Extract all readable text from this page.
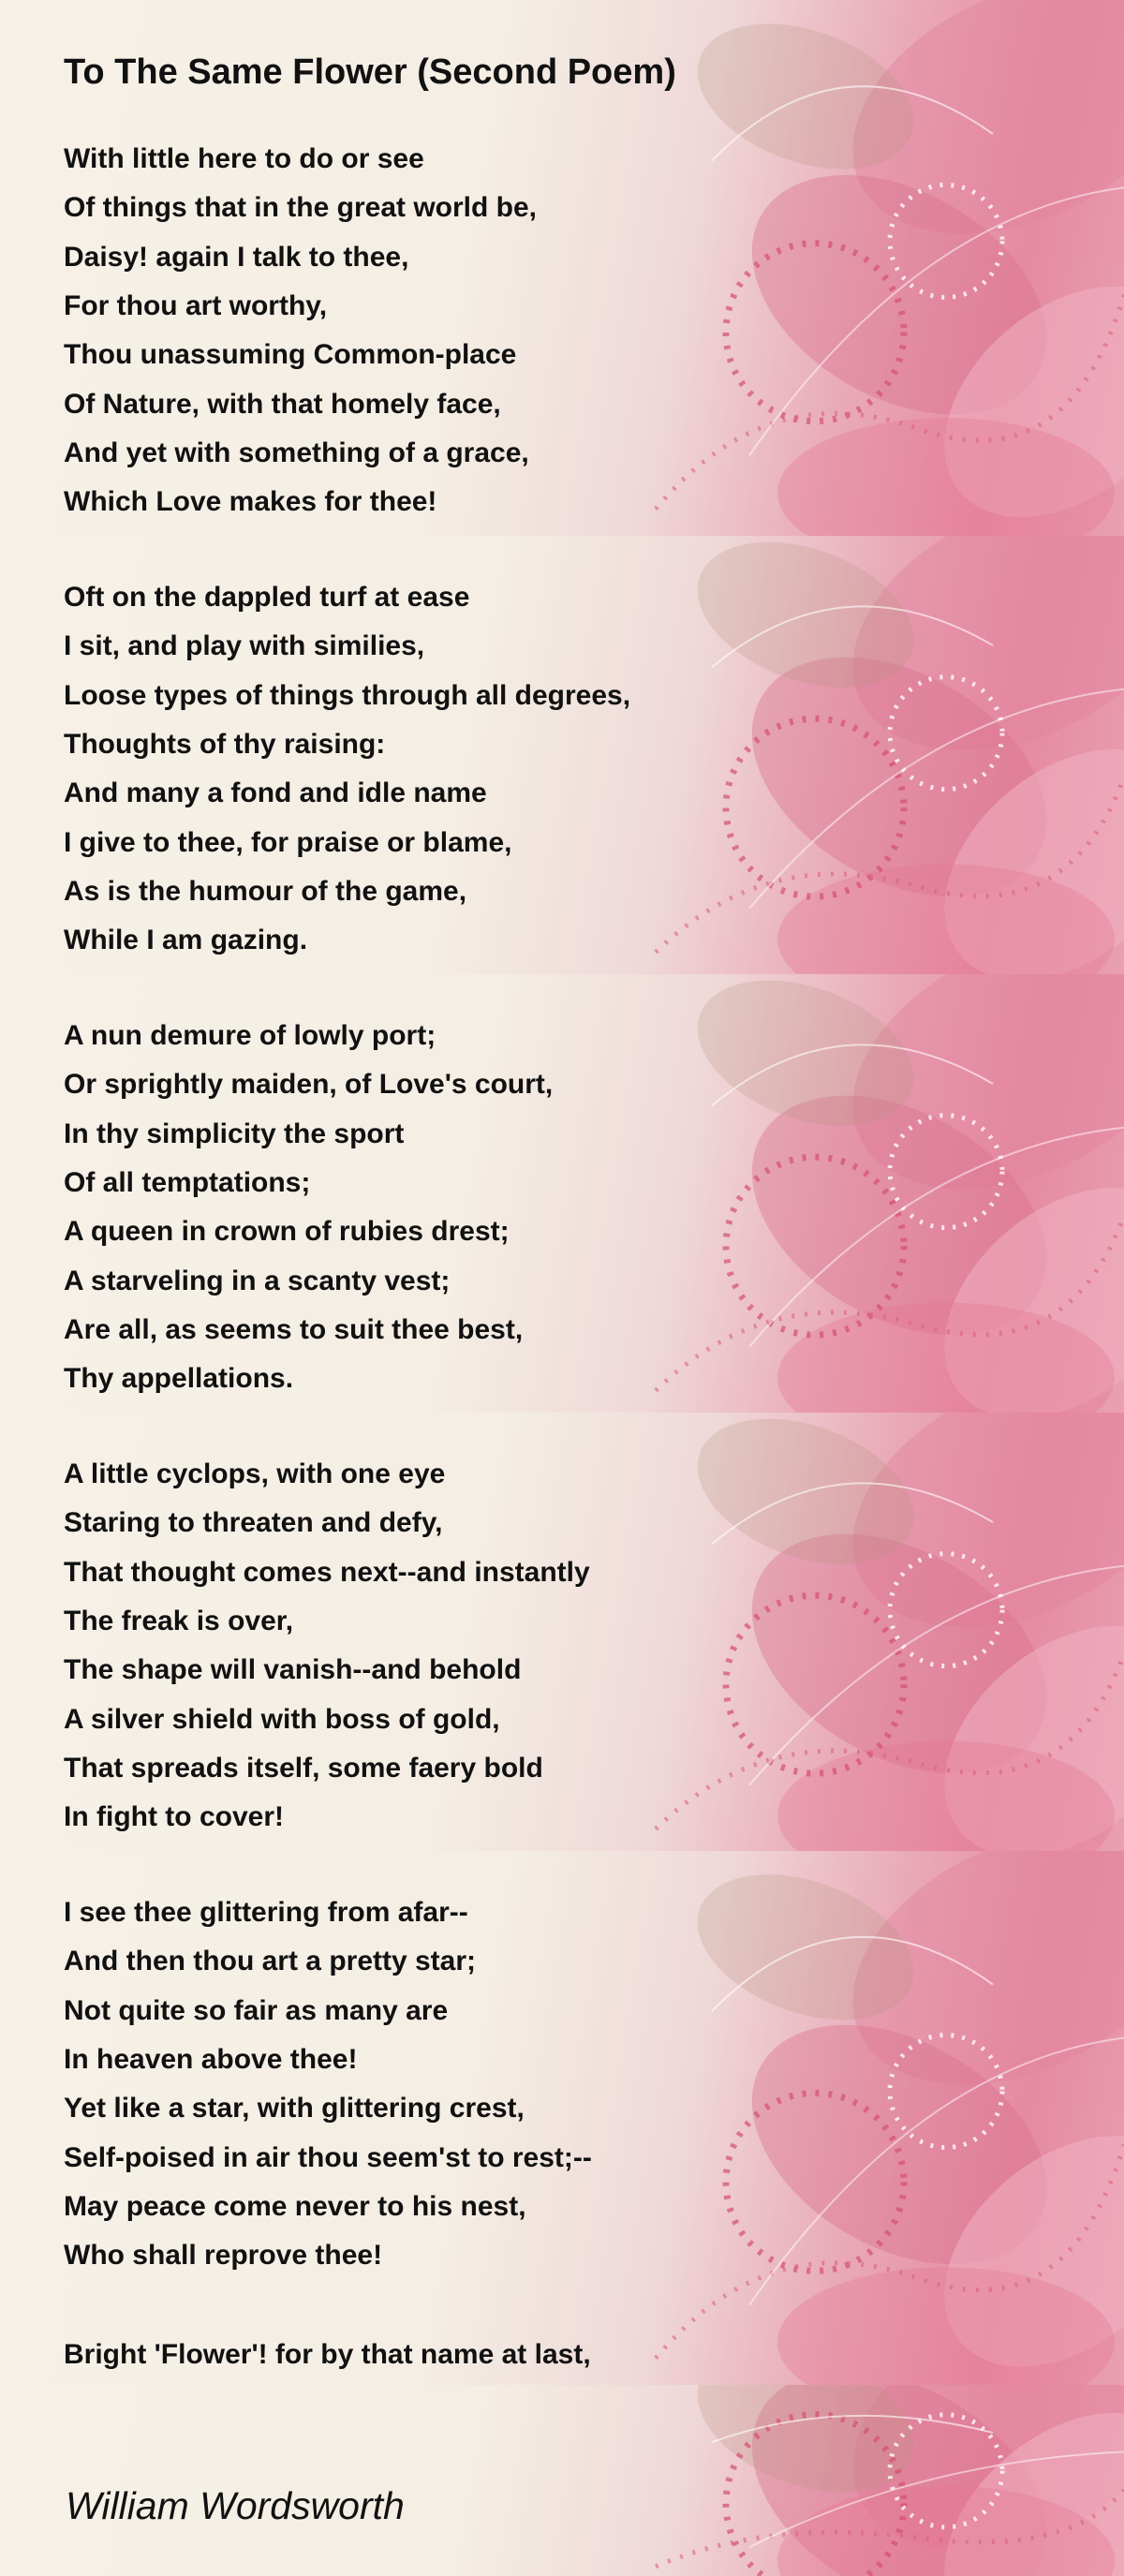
To The Same Flower (Second Poem)

With little here to do or see

Of things that in the great world be,

Daisy! again I talk to thee,

For thou art worthy,

Thou unassuming Common-place

Of Nature, with that homely face,

And yet with something of a grace,

Which Love makes for thee!

Oft on the dappled turf at ease

I sit, and play with similies,

Loose types of things through all degrees,

Thoughts of thy raising:

And many a fond and idle name

I give to thee, for praise or blame,

As is the humour of the game,

While I am gazing.

A nun demure of lowly port;

Or sprightly maiden, of Love's court,

In thy simplicity the sport

Of all temptations;

A queen in crown of rubies drest;

A starveling in a scanty vest;

Are all, as seems to suit thee best,

Thy appellations.

A little cyclops, with one eye

Staring to threaten and defy,

That thought comes next--and instantly

The freak is over,

The shape will vanish--and behold

A silver shield with boss of gold,

That spreads itself, some faery bold

In fight to cover!

I see thee glittering from afar--

And then thou art a pretty star;

Not quite so fair as many are

In heaven above thee!

Yet like a star, with glittering crest,

Self-poised in air thou seem'st to rest;--

May peace come never to his nest,

Who shall reprove thee!

Bright 'Flower'! for by that name at last,

William Wordsworth
